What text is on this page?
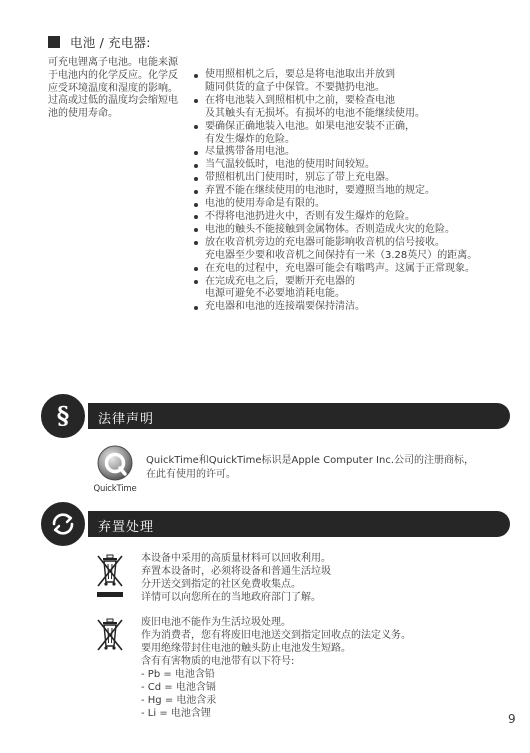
电池 / 充电器:
可充电锂离子电池。电能来源于电池内的化学反应。化学反应受环境温度和湿度的影响。过高或过低的温度均会缩短电池的使用寿命。
使用照相机之后，要总是将电池取出并放到
随同供货的盒子中保管。不要抛扔电池。
在将电池装入到照相机中之前，要检查电池
及其触头有无损坏。有损坏的电池不能继续使用。
要确保正确地装入电池。如果电池安装不正确，
有发生爆炸的危险。
尽量携带备用电池。
当气温较低时，电池的使用时间较短。
带照相机出门使用时，别忘了带上充电器。
弃置不能在继续使用的电池时，要遵照当地的规定。
电池的使用寿命是有限的。
不得将电池扔进火中，否则有发生爆炸的危险。
电池的触头不能接触到金属物体。否则造成火灾的危险。
放在收音机旁边的充电器可能影响收音机的信号接收。
充电器至少要和收音机之间保持有一米（3.28英尺）的距离。
在充电的过程中，充电器可能会有嗡鸣声。这属于正常现象。
在完成充电之后，要断开充电器的
电源可避免不必要地消耗电能。
充电器和电池的连接端要保持清洁。
法律声明
§
QuickTime
QuickTime和QuickTime标识是Apple Computer Inc.公司的注册商标，
在此有使用的许可。
弃置处理
本设备中采用的高质量材料可以回收利用。
弃置本设备时，必须将设备和普通生活垃圾
分开送交到指定的社区免费收集点。
详情可以向您所在的当地政府部门了解。
废旧电池不能作为生活垃圾处理。
作为消费者，您有将废旧电池送交到指定回收点的法定义务。
要用绝缘带封住电池的触头防止电池发生短路。
含有有害物质的电池带有以下符号:
- Pb = 电池含铅
- Cd = 电池含镉
- Hg = 电池含汞
- Li = 电池含锂	9
